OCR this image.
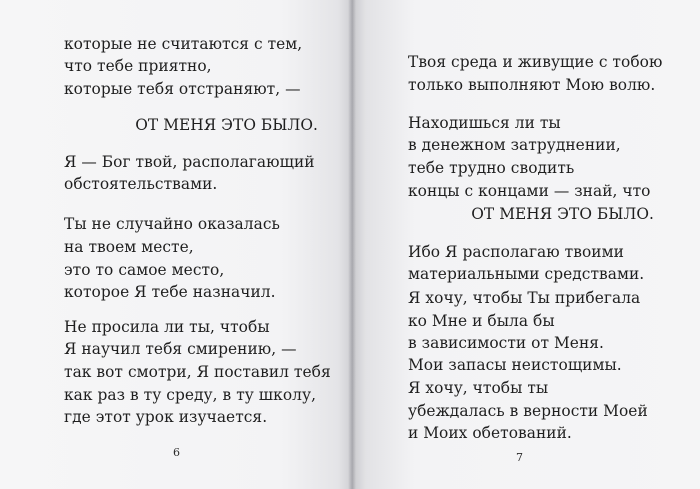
которые не считаются с тем,
что тебе приятно,
которые тебя отстраняют, —
ОТ МЕНЯ ЭТО БЫЛО.
Я — Бог твой, располагающий
обстоятельствами.
Ты не случайно оказалась
на твоем месте,
это то самое место,
которое Я тебе назначил.
Не просила ли ты, чтобы
Я научил тебя смирению, —
так вот смотри, Я поставил тебя
как раз в ту среду, в ту школу,
где этот урок изучается.
6
Твоя среда и живущие с тобою
только выполняют Мою волю.
Находишься ли ты
в денежном затруднении,
тебе трудно сводить
концы с концами — знай, что
ОТ МЕНЯ ЭТО БЫЛО.
Ибо Я располагаю твоими
материальными средствами.
Я хочу, чтобы Ты прибегала
ко Мне и была бы
в зависимости от Меня.
Мои запасы неистощимы.
Я хочу, чтобы ты
убеждалась в верности Моей
и Моих обетований.
7
